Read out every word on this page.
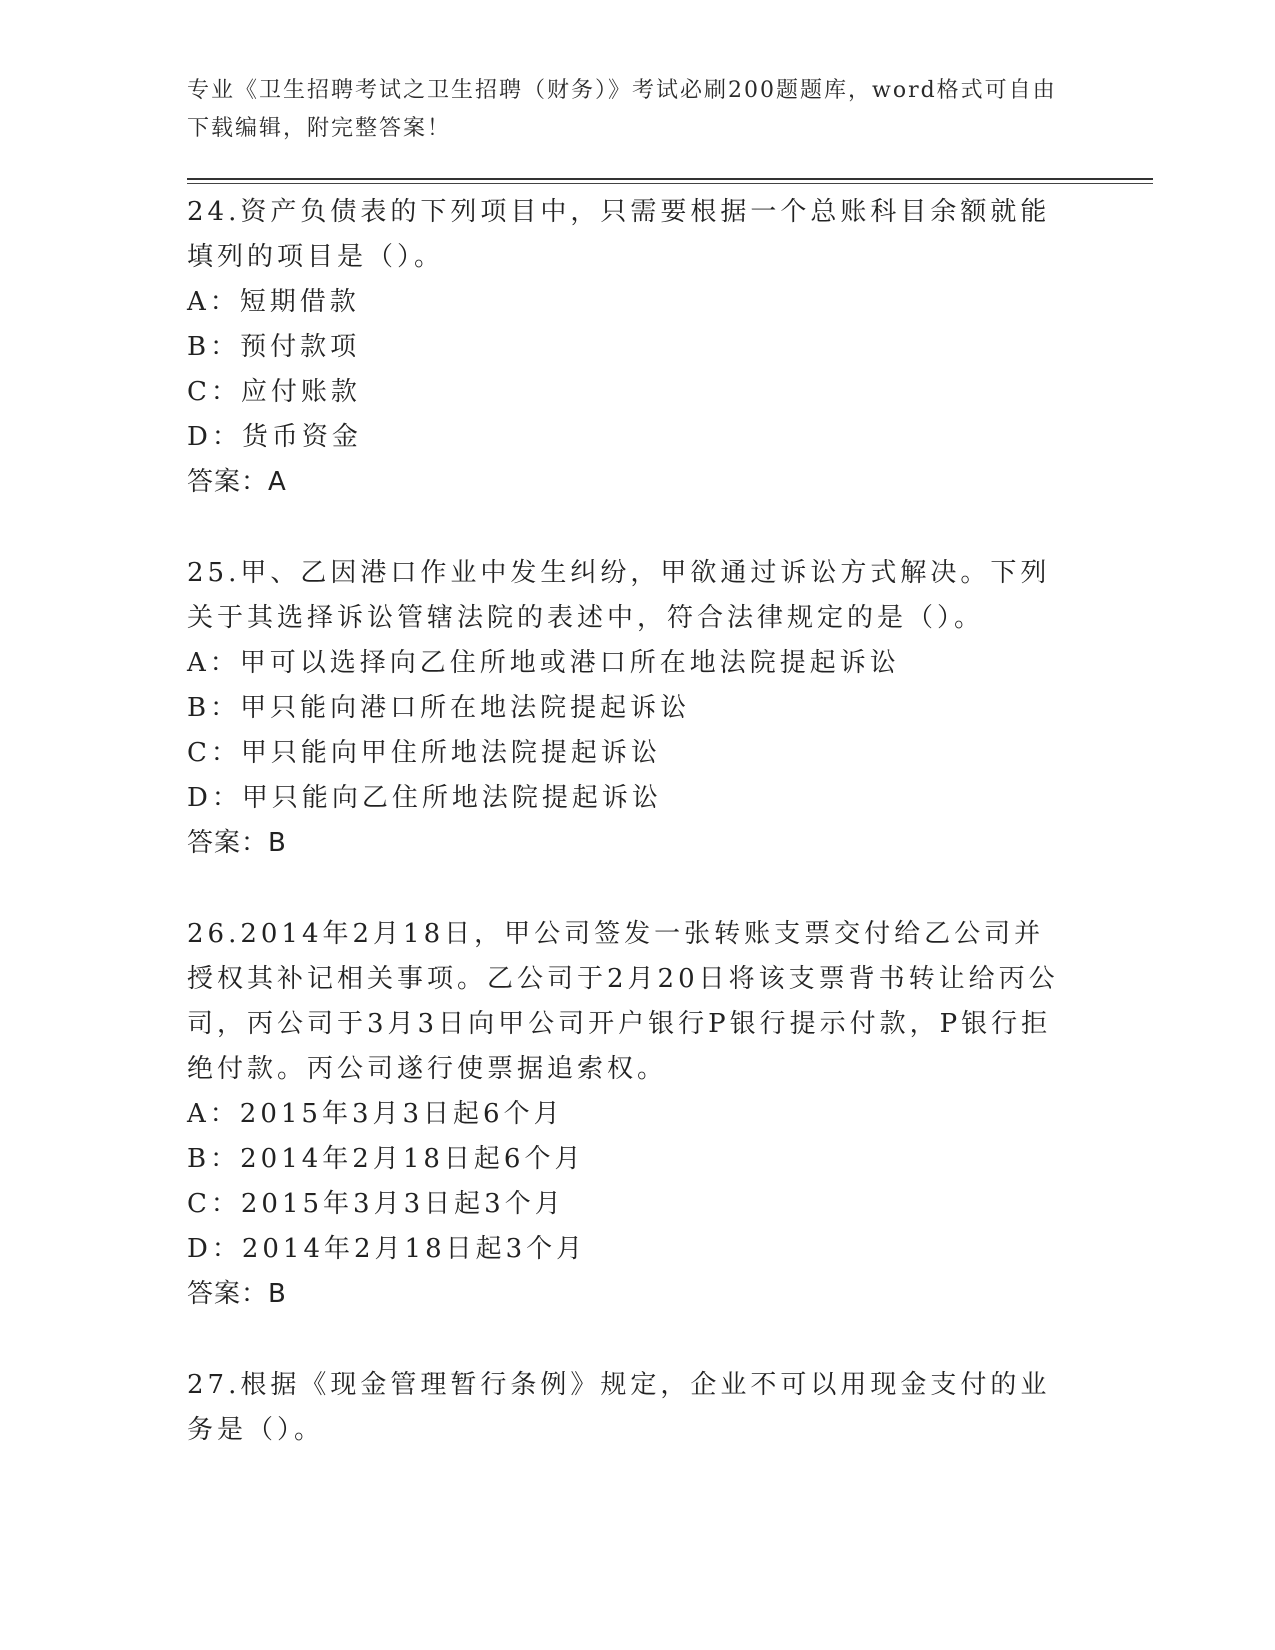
专业《卫生招聘考试之卫生招聘（财务）》考试必刷200题题库，word格式可自由下载编辑，附完整答案！

24.资产负债表的下列项目中，只需要根据一个总账科目余额就能填列的项目是（）。

A：短期借款

B：预付款项

C：应付账款

D：货币资金

答案：A

25.甲、乙因港口作业中发生纠纷，甲欲通过诉讼方式解决。下列关于其选择诉讼管辖法院的表述中，符合法律规定的是（）。

A：甲可以选择向乙住所地或港口所在地法院提起诉讼

B：甲只能向港口所在地法院提起诉讼

C：甲只能向甲住所地法院提起诉讼

D：甲只能向乙住所地法院提起诉讼

答案：B

26.2014年2月18日，甲公司签发一张转账支票交付给乙公司并授权其补记相关事项。乙公司于2月20日将该支票背书转让给丙公司，丙公司于3月3日向甲公司开户银行P银行提示付款，P银行拒绝付款。丙公司遂行使票据追索权。

A：2015年3月3日起6个月

B：2014年2月18日起6个月

C：2015年3月3日起3个月

D：2014年2月18日起3个月

答案：B

27.根据《现金管理暂行条例》规定，企业不可以用现金支付的业务是（）。
